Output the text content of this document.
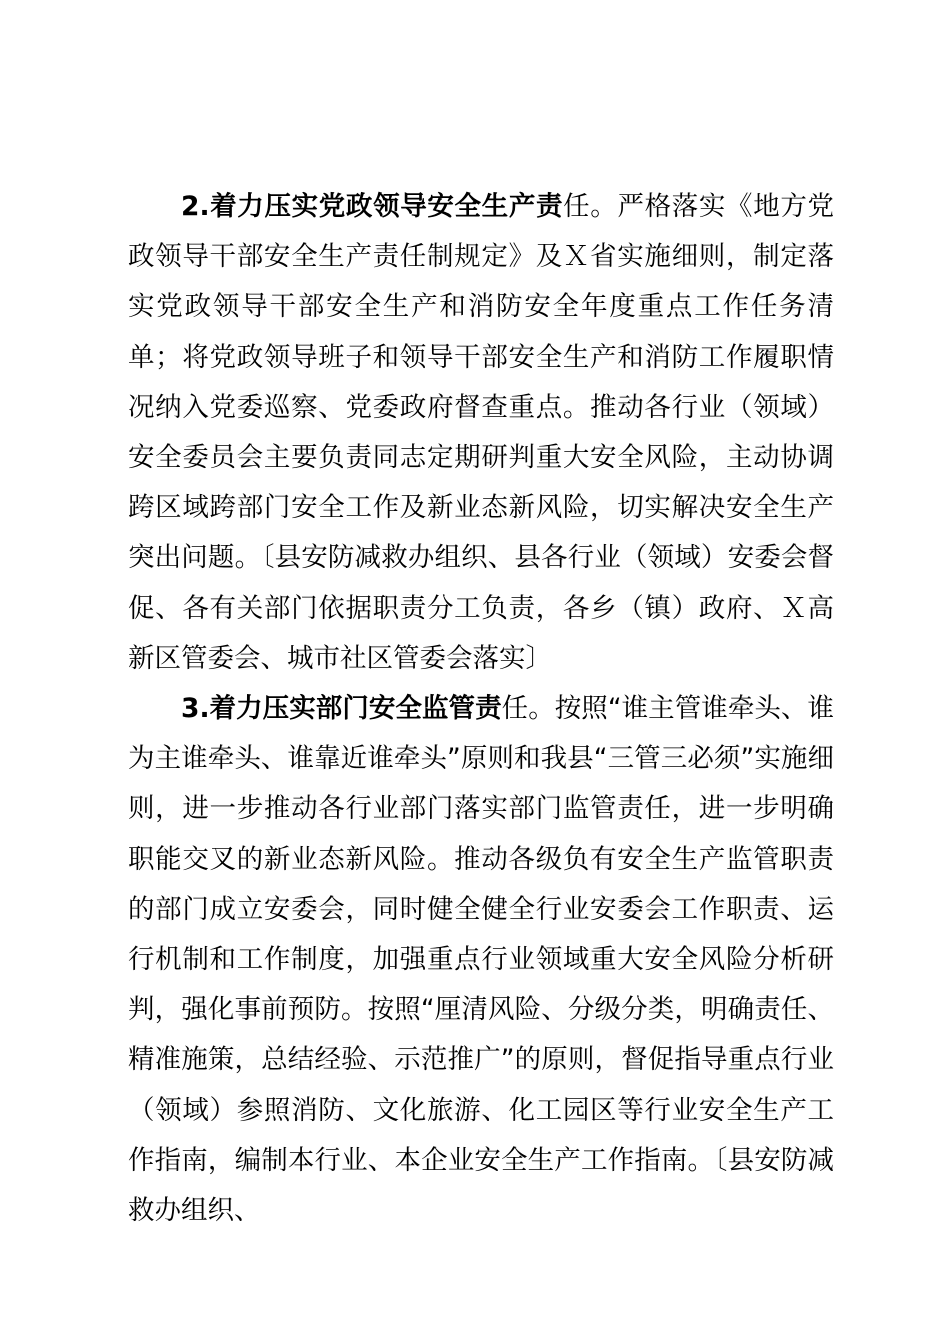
2.着力压实党政领导安全生产责任。严格落实《地方党政领导干部安全生产责任制规定》及Ｘ省实施细则，制定落实党政领导干部安全生产和消防安全年度重点工作任务清单；将党政领导班子和领导干部安全生产和消防工作履职情况纳入党委巡察、党委政府督查重点。推动各行业（领域）安全委员会主要负责同志定期研判重大安全风险，主动协调跨区域跨部门安全工作及新业态新风险，切实解决安全生产突出问题。〔县安防减救办组织、县各行业（领域）安委会督促、各有关部门依据职责分工负责，各乡（镇）政府、Ｘ高新区管委会、城市社区管委会落实〕

3.着力压实部门安全监管责任。按照“谁主管谁牵头、谁为主谁牵头、谁靠近谁牵头”原则和我县“三管三必须”实施细则，进一步推动各行业部门落实部门监管责任，进一步明确职能交叉的新业态新风险。推动各级负有安全生产监管职责的部门成立安委会，同时健全健全行业安委会工作职责、运行机制和工作制度，加强重点行业领域重大安全风险分析研判，强化事前预防。按照“厘清风险、分级分类，明确责任、精准施策，总结经验、示范推广”的原则，督促指导重点行业（领域）参照消防、文化旅游、化工园区等行业安全生产工作指南，编制本行业、本企业安全生产工作指南。〔县安防减救办组织、
